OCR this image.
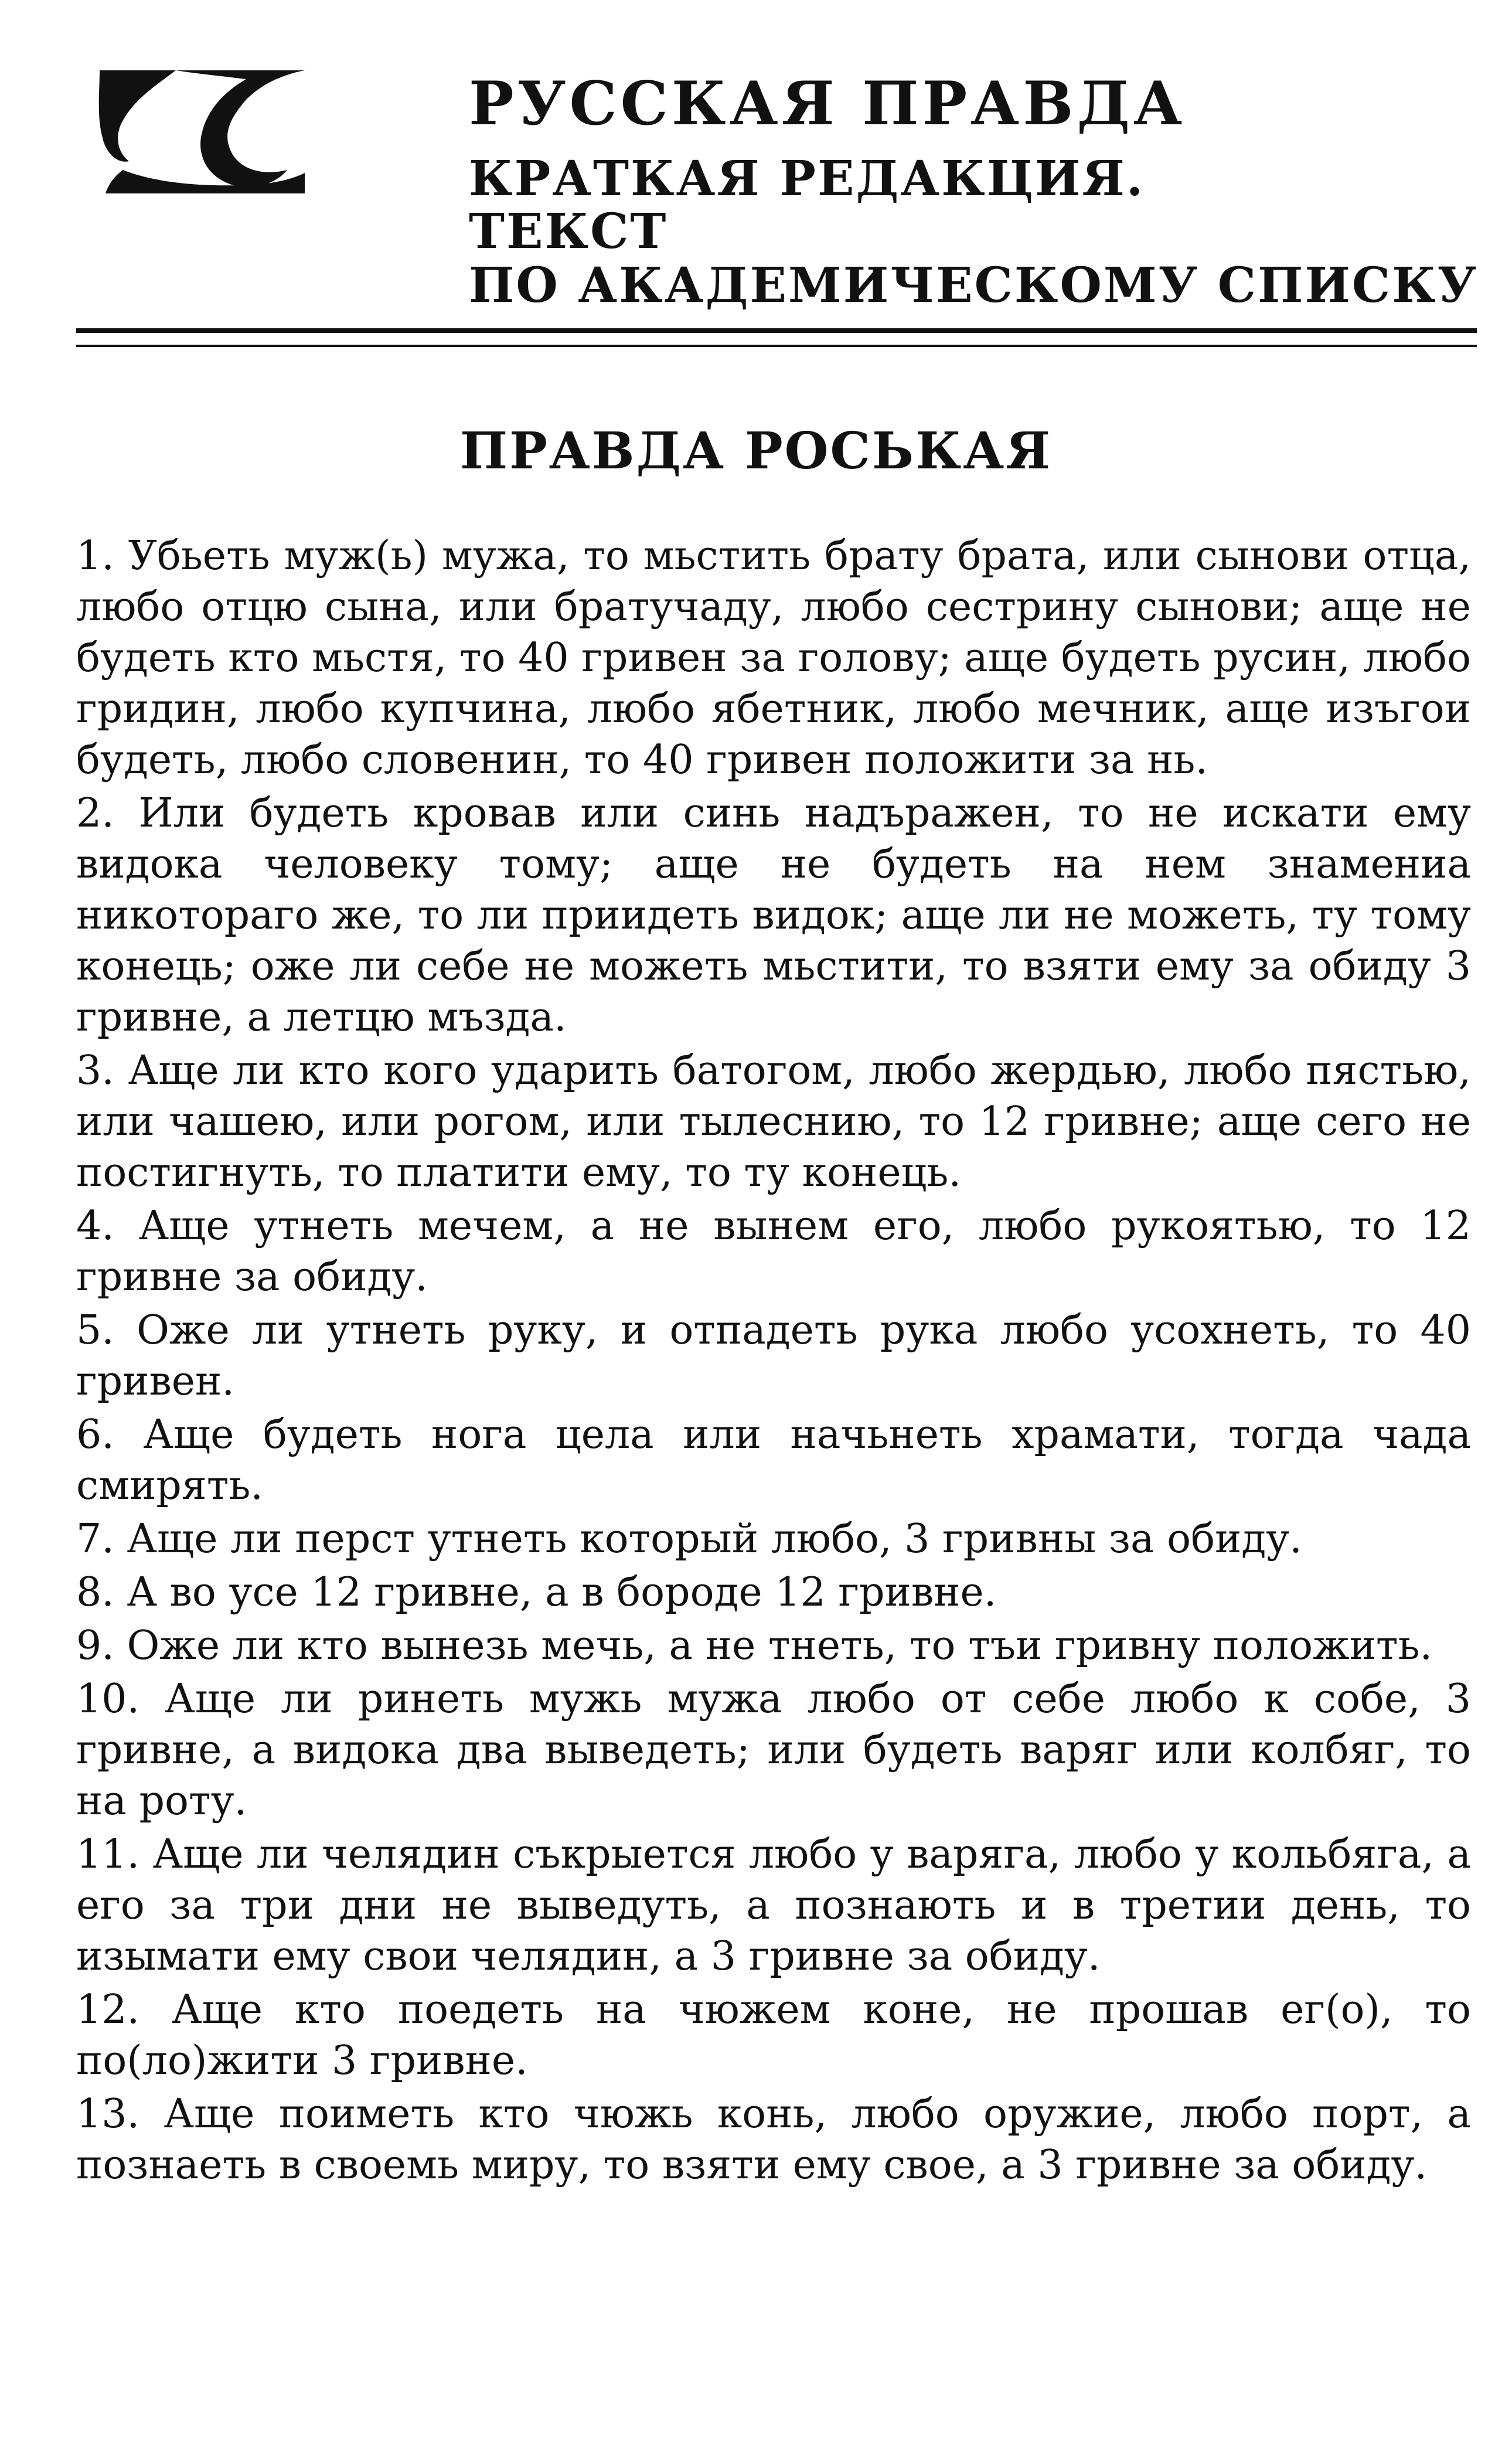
РУССКАЯ ПРАВДА
КРАТКАЯ РЕДАКЦИЯ.
ТЕКСТ
ПО АКАДЕМИЧЕСКОМУ СПИСКУ
ПРАВДА РОСЬКАЯ

1. Убьеть муж(ь) мужа, то мьстить брату брата, или сынови отца, любо отцю сына, или братучаду, любо сестрину сынови; аще не будеть кто мьстя, то 40 гривен за голову; аще будеть русин, любо гридин, любо купчина, любо ябетник, любо мечник, аще изъгои будеть, любо словенин, то 40 гривен положити за нь.

2. Или будеть кровав или синь надъражен, то не искати ему видока человеку тому; аще не будеть на нем знамениа никотораго же, то ли приидеть видок; аще ли не можеть, ту тому конець; оже ли себе не можеть мьстити, то взяти ему за обиду 3 гривне, а летцю мъзда.

3. Аще ли кто кого ударить батогом, любо жердью, любо пястью, или чашею, или рогом, или тылеснию, то 12 гривне; аще сего не постигнуть, то платити ему, то ту конець.

4. Аще утнеть мечем, а не вынем его, любо рукоятью, то 12 гривне за обиду.

5. Оже ли утнеть руку, и отпадеть рука любо усохнеть, то 40 гривен.

6. Аще будеть нога цела или начьнеть храмати, тогда чада смирять.

7. Аще ли перст утнеть который любо, 3 гривны за обиду.

8. А во усе 12 гривне, а в бороде 12 гривне.

9. Оже ли кто вынезь мечь, а не тнеть, то тъи гривну положить.

10. Аще ли ринеть мужь мужа любо от себе любо к собе, 3 гривне, а видока два выведеть; или будеть варяг или колбяг, то на роту.

11. Аще ли челядин съкрыется любо у варяга, любо у кольбяга, а его за три дни не выведуть, а познають и в третии день, то изымати ему свои челядин, а 3 гривне за обиду.

12. Аще кто поедеть на чюжем коне, не прошав ег(о), то по(ло)жити 3 гривне.

13. Аще поиметь кто чюжь конь, любо оружие, любо порт, а познаеть в своемь миру, то взяти ему свое, а 3 гривне за обиду.
